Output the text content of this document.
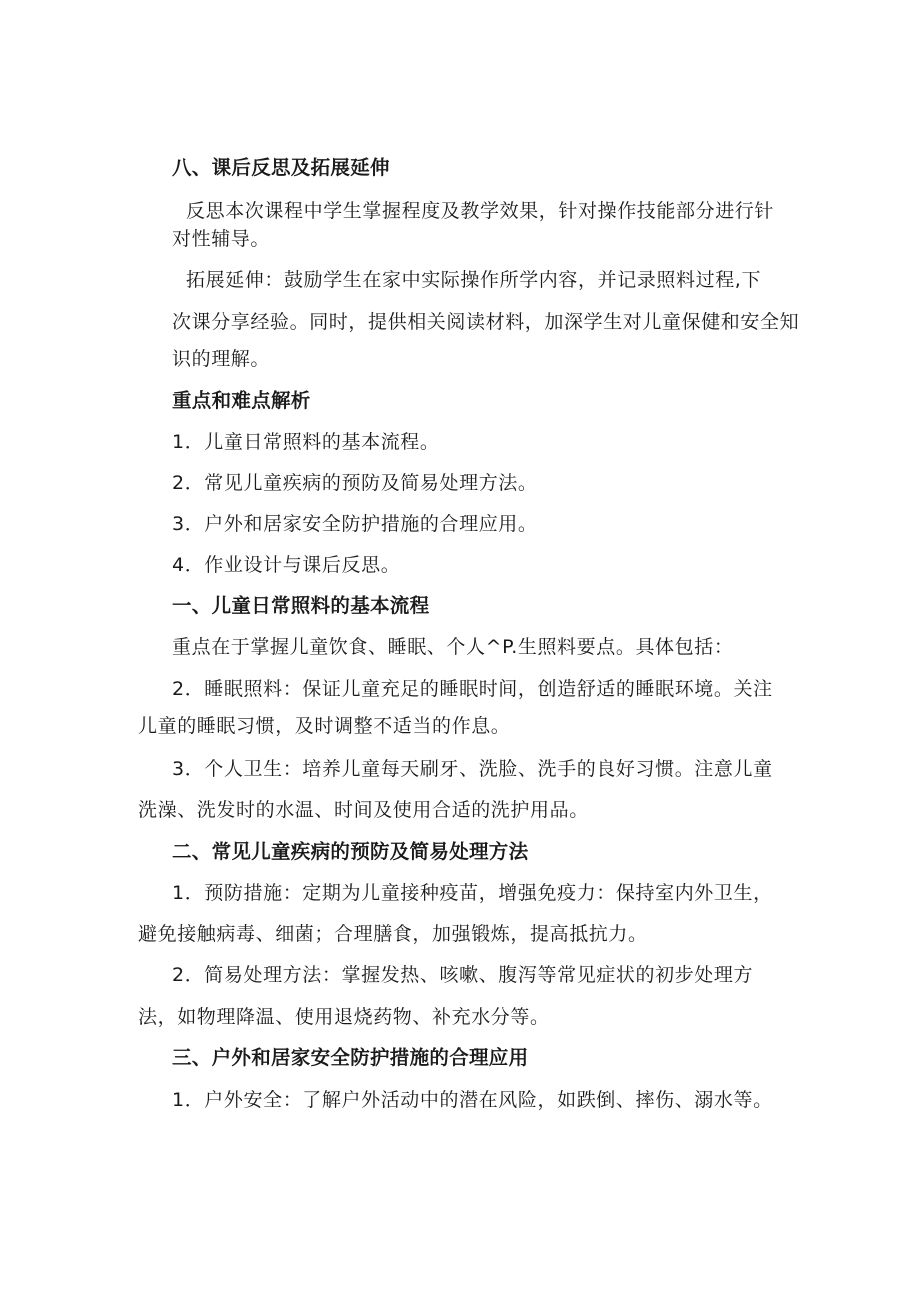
八、课后反思及拓展延伸
反思本次课程中学生掌握程度及教学效果，针对操作技能部分进行针
对性辅导。
拓展延伸：鼓励学生在家中实际操作所学内容，并记录照料过程,下
次课分享经验。同时，提供相关阅读材料，加深学生对儿童保健和安全知
识的理解。
重点和难点解析
1．儿童日常照料的基本流程。
2．常见儿童疾病的预防及简易处理方法。
3．户外和居家安全防护措施的合理应用。
4．作业设计与课后反思。
一、儿童日常照料的基本流程
重点在于掌握儿童饮食、睡眠、个人^P.生照料要点。具体包括：
2．睡眠照料：保证儿童充足的睡眠时间，创造舒适的睡眠环境。关注
儿童的睡眠习惯，及时调整不适当的作息。
3．个人卫生：培养儿童每天刷牙、洗脸、洗手的良好习惯。注意儿童
洗澡、洗发时的水温、时间及使用合适的洗护用品。
二、常见儿童疾病的预防及简易处理方法
1．预防措施：定期为儿童接种疫苗，增强免疫力：保持室内外卫生，
避免接触病毒、细菌；合理膳食，加强锻炼，提高抵抗力。
2．简易处理方法：掌握发热、咳嗽、腹泻等常见症状的初步处理方
法，如物理降温、使用退烧药物、补充水分等。
三、户外和居家安全防护措施的合理应用
1．户外安全：了解户外活动中的潜在风险，如跌倒、摔伤、溺水等。
